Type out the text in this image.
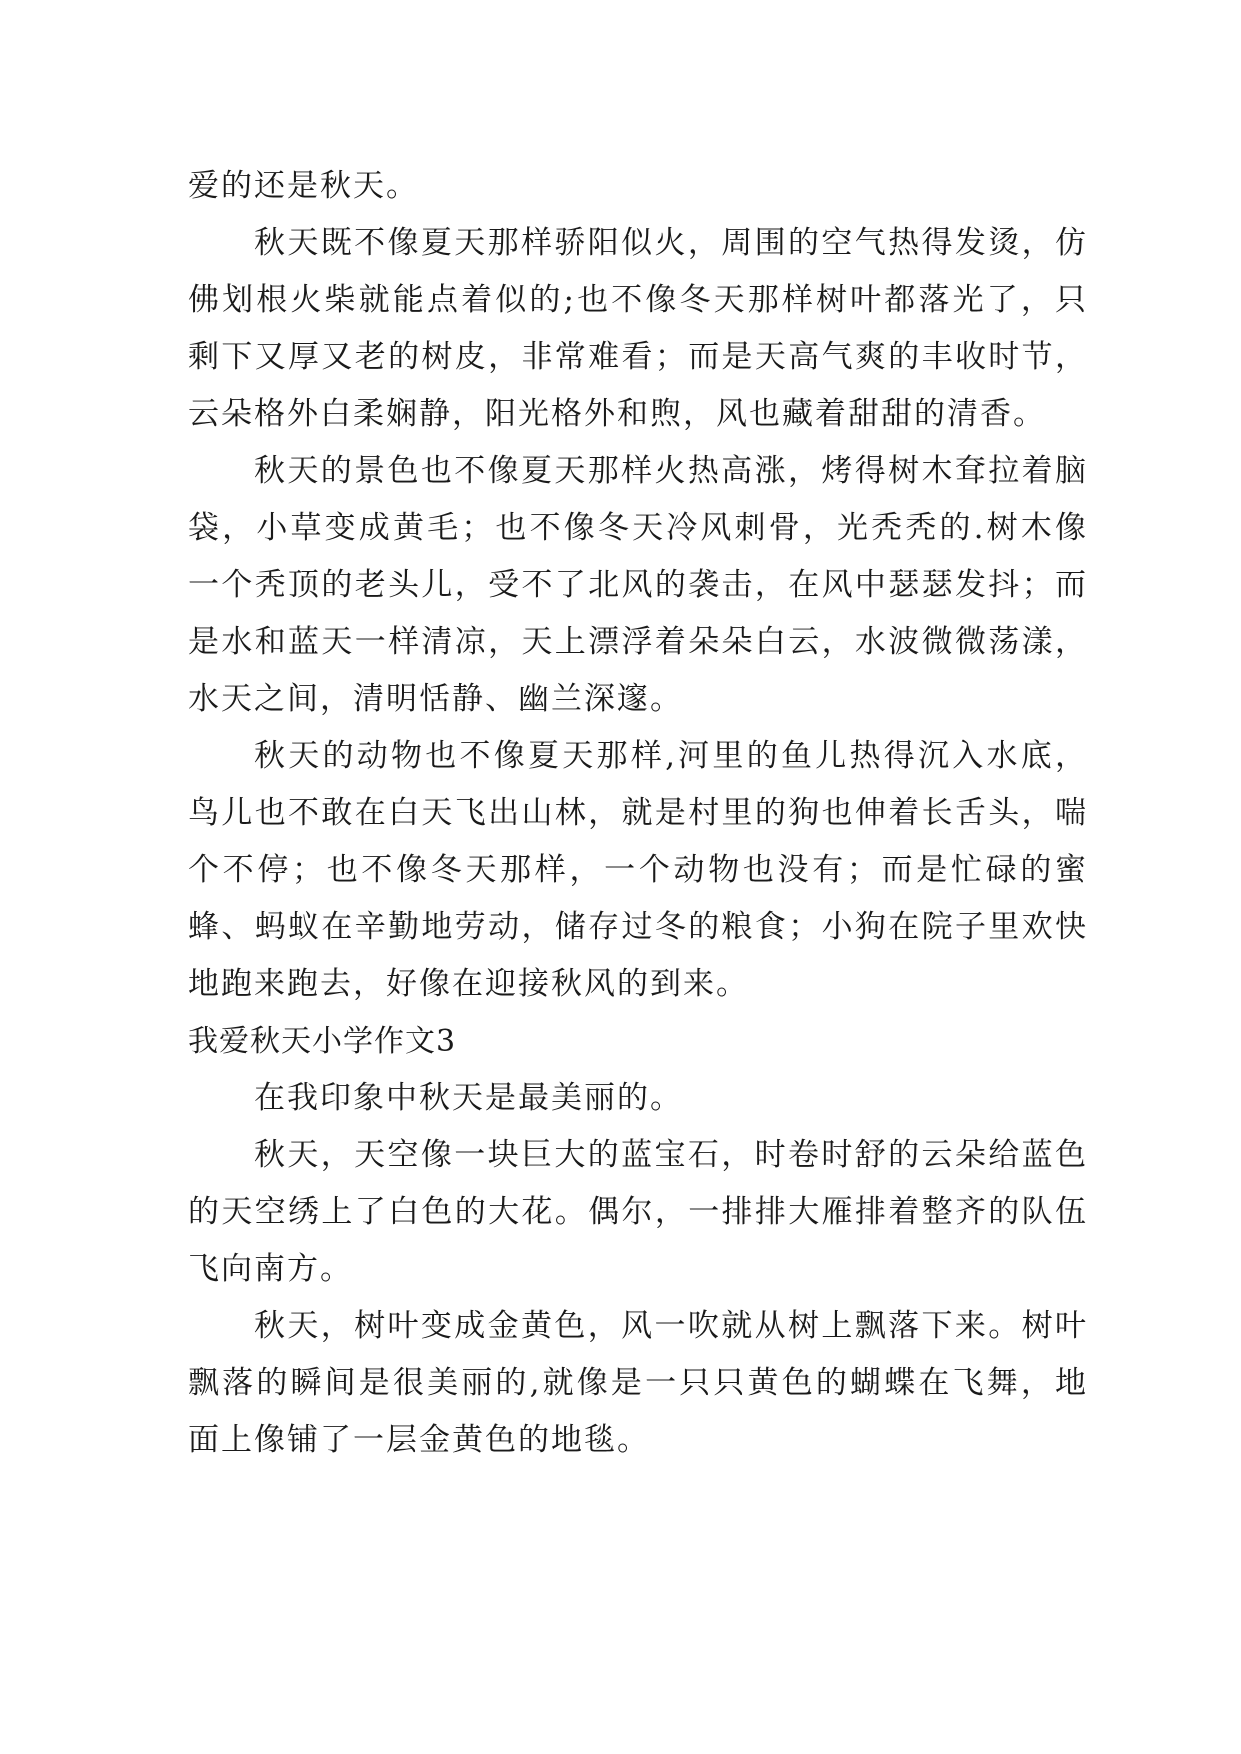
爱的还是秋天。

秋天既不像夏天那样骄阳似火，周围的空气热得发烫，仿佛划根火柴就能点着似的;也不像冬天那样树叶都落光了，只剩下又厚又老的树皮，非常难看；而是天高气爽的丰收时节，云朵格外白柔娴静，阳光格外和煦，风也藏着甜甜的清香。

秋天的景色也不像夏天那样火热高涨，烤得树木耷拉着脑袋，小草变成黄毛；也不像冬天冷风刺骨，光秃秃的.树木像一个秃顶的老头儿，受不了北风的袭击，在风中瑟瑟发抖；而是水和蓝天一样清凉，天上漂浮着朵朵白云，水波微微荡漾，水天之间，清明恬静、幽兰深邃。

秋天的动物也不像夏天那样,河里的鱼儿热得沉入水底，鸟儿也不敢在白天飞出山林，就是村里的狗也伸着长舌头，喘个不停；也不像冬天那样，一个动物也没有；而是忙碌的蜜蜂、蚂蚁在辛勤地劳动，储存过冬的粮食；小狗在院子里欢快地跑来跑去，好像在迎接秋风的到来。

我爱秋天小学作文3

在我印象中秋天是最美丽的。

秋天，天空像一块巨大的蓝宝石，时卷时舒的云朵给蓝色的天空绣上了白色的大花。偶尔，一排排大雁排着整齐的队伍飞向南方。

秋天，树叶变成金黄色，风一吹就从树上飘落下来。树叶飘落的瞬间是很美丽的,就像是一只只黄色的蝴蝶在飞舞，地面上像铺了一层金黄色的地毯。
